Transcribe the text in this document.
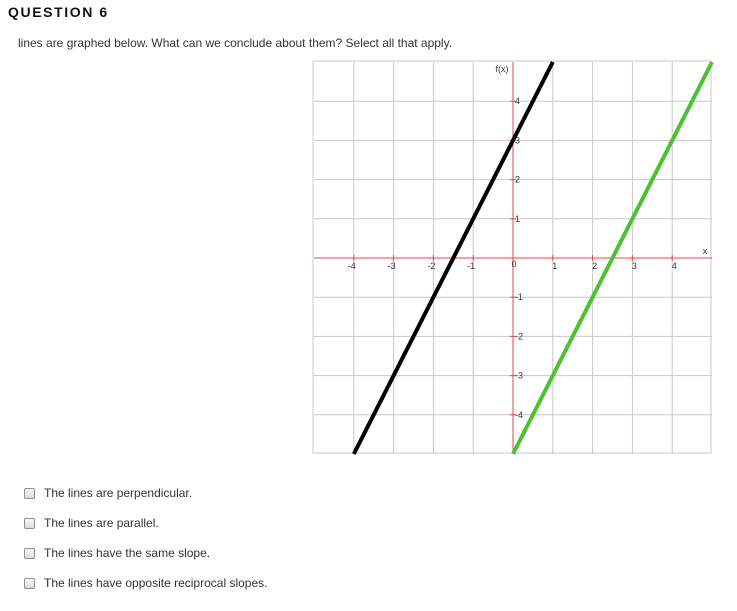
QUESTION 6
lines are graphed below. What can we conclude about them? Select all that apply.
-4	-3	-2	-1	1	2	3	4
4
3
2
1
-1
-2
-3
-4
0
x
f(x)
The lines are perpendicular.
The lines are parallel.
The lines have the same slope.
The lines have opposite reciprocal slopes.
